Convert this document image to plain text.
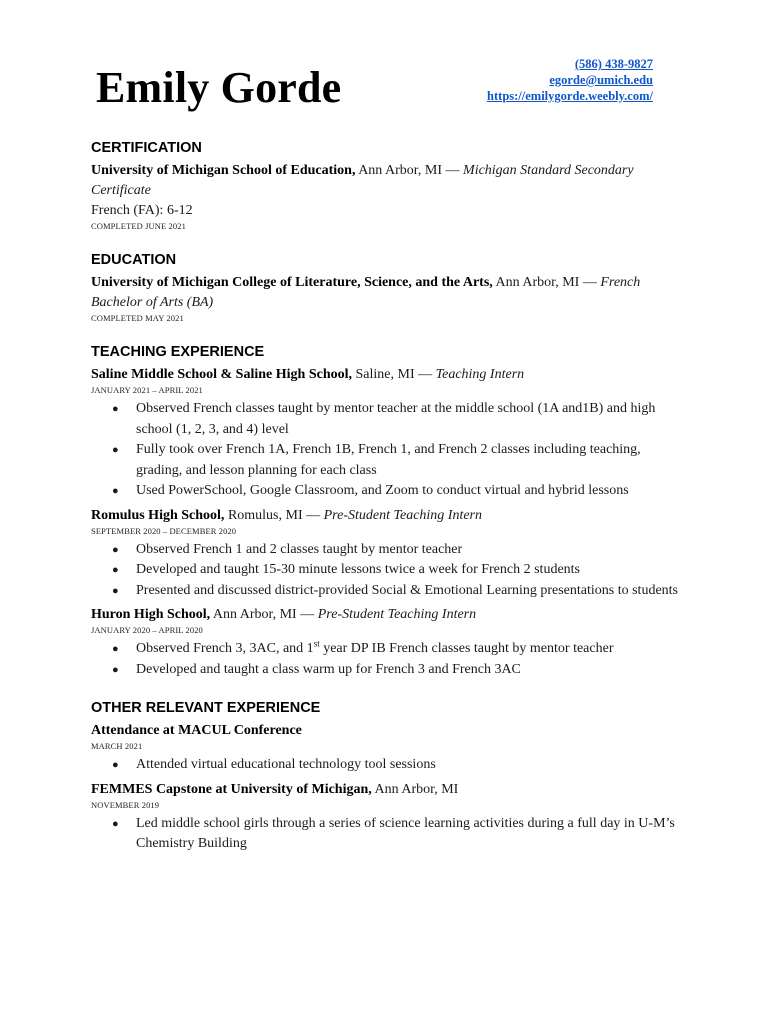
Emily Gorde	(586) 438-9827
egorde@umich.edu
https://emilygorde.weebly.com/
CERTIFICATION
University of Michigan School of Education, Ann Arbor, MI — Michigan Standard Secondary Certificate
French (FA): 6-12
COMPLETED JUNE 2021
EDUCATION
University of Michigan College of Literature, Science, and the Arts, Ann Arbor, MI — French Bachelor of Arts (BA)
COMPLETED MAY 2021
TEACHING EXPERIENCE
Saline Middle School & Saline High School, Saline, MI — Teaching Intern
JANUARY 2021 – APRIL 2021
● Observed French classes taught by mentor teacher at the middle school (1A and1B) and high school (1, 2, 3, and 4) level
● Fully took over French 1A, French 1B, French 1, and French 2 classes including teaching, grading, and lesson planning for each class
● Used PowerSchool, Google Classroom, and Zoom to conduct virtual and hybrid lessons
Romulus High School, Romulus, MI — Pre-Student Teaching Intern
SEPTEMBER 2020 – DECEMBER 2020
● Observed French 1 and 2 classes taught by mentor teacher
● Developed and taught 15-30 minute lessons twice a week for French 2 students
● Presented and discussed district-provided Social & Emotional Learning presentations to students
Huron High School, Ann Arbor, MI — Pre-Student Teaching Intern
JANUARY 2020 – APRIL 2020
● Observed French 3, 3AC, and 1st year DP IB French classes taught by mentor teacher
● Developed and taught a class warm up for French 3 and French 3AC
OTHER RELEVANT EXPERIENCE
Attendance at MACUL Conference
MARCH 2021
● Attended virtual educational technology tool sessions
FEMMES Capstone at University of Michigan, Ann Arbor, MI
NOVEMBER 2019
● Led middle school girls through a series of science learning activities during a full day in U-M’s Chemistry Building
